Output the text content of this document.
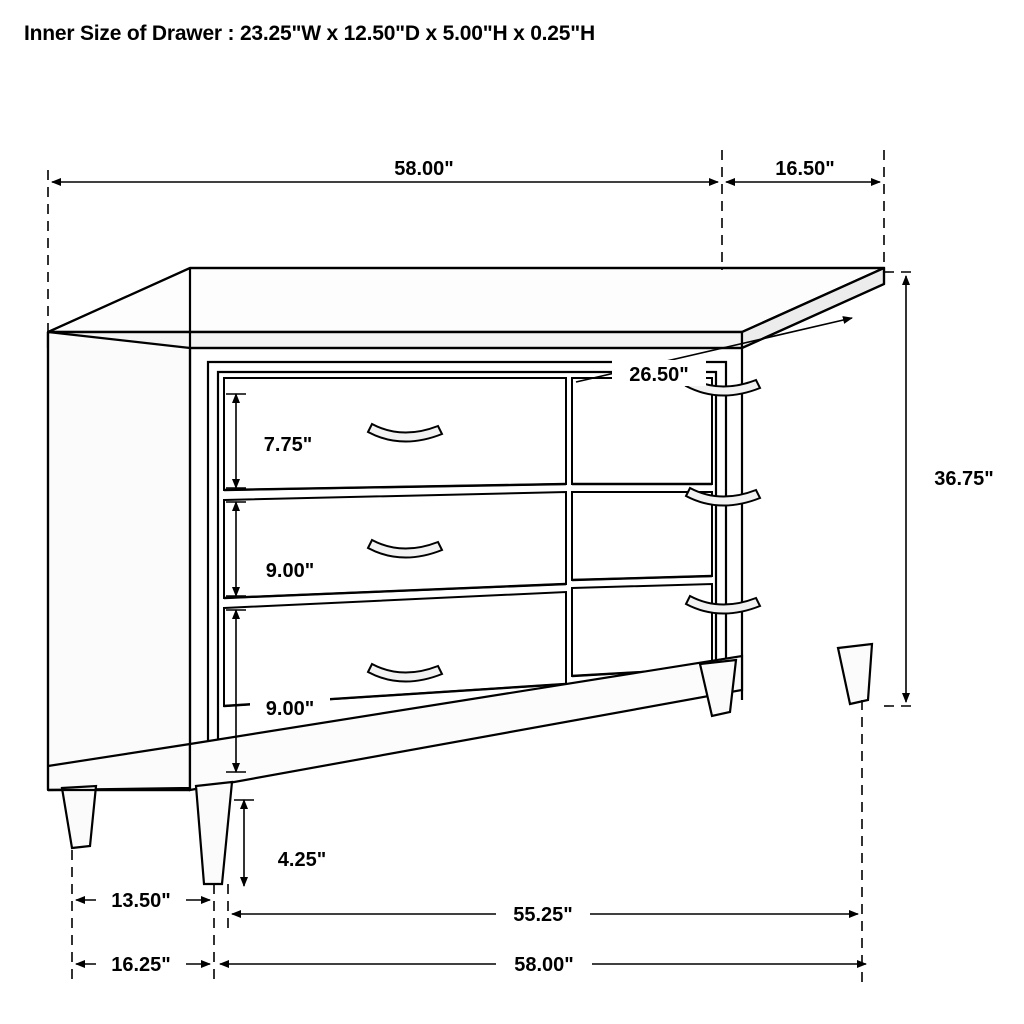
Inner Size of Drawer : 23.25"W x 12.50"D x 5.00"H x 0.25"H
58.00"	16.50"
26.50"
7.75"
9.00"
9.00"
36.75"
4.25"
13.50"
55.25"
16.25"	58.00"
